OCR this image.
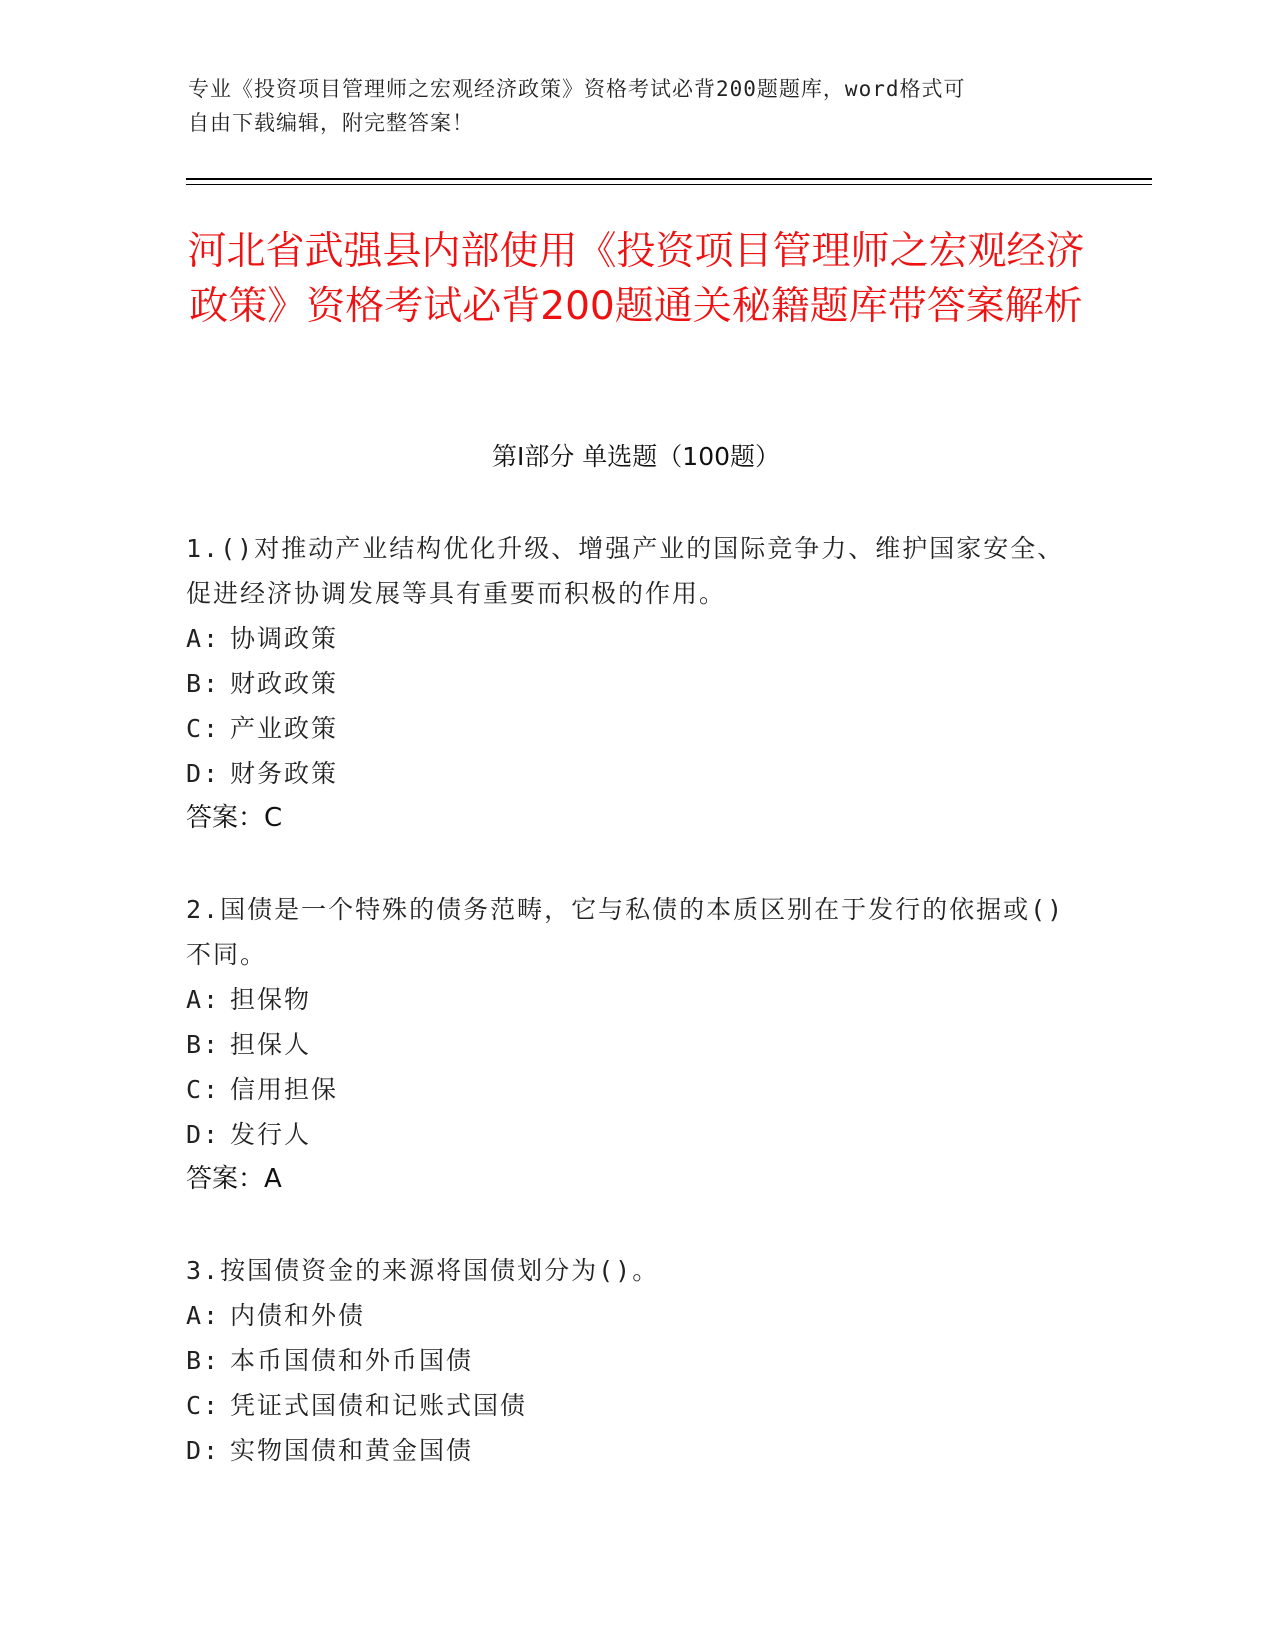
专业《投资项目管理师之宏观经济政策》资格考试必背200题题库，word格式可
自由下载编辑，附完整答案！
河北省武强县内部使用《投资项目管理师之宏观经济政策》资格考试必背200题通关秘籍题库带答案解析
第Ⅰ部分 单选题（100题）
1.()对推动产业结构优化升级、增强产业的国际竞争力、维护国家安全、促进经济协调发展等具有重要而积极的作用。
A: 协调政策
B: 财政政策
C: 产业政策
D: 财务政策
答案：C
2.国债是一个特殊的债务范畴，它与私债的本质区别在于发行的依据或()不同。
A: 担保物
B: 担保人
C: 信用担保
D: 发行人
答案：A
3.按国债资金的来源将国债划分为()。
A: 内债和外债
B: 本币国债和外币国债
C: 凭证式国债和记账式国债
D: 实物国债和黄金国债
